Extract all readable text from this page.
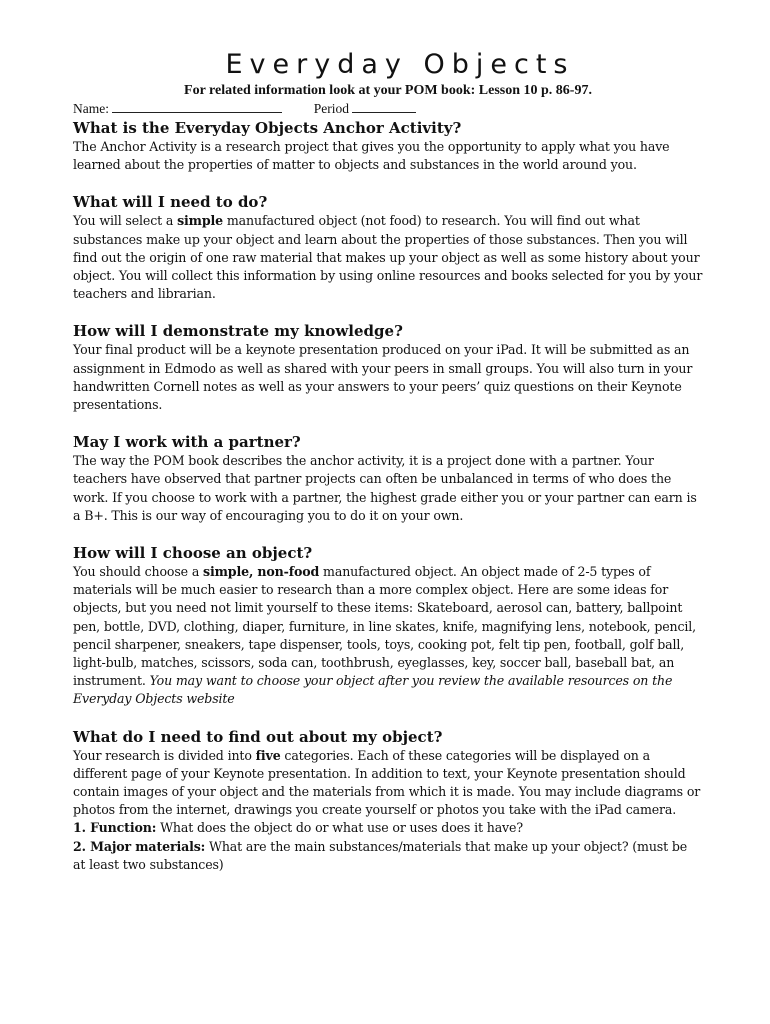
Everyday Objects
For related information look at your POM book: Lesson 10 p. 86-97.
Name:	Period
What is the Everyday Objects Anchor Activity?

The Anchor Activity is a research project that gives you the opportunity to apply what you have learned about the properties of matter to objects and substances in the world around you.

What will I need to do?

You will select a simple manufactured object (not food) to research. You will find out what substances make up your object and learn about the properties of those substances. Then you will find out the origin of one raw material that makes up your object as well as some history about your object. You will collect this information by using online resources and books selected for you by your teachers and librarian.

How will I demonstrate my knowledge?

Your final product will be a keynote presentation produced on your iPad. It will be submitted as an assignment in Edmodo as well as shared with your peers in small groups. You will also turn in your handwritten Cornell notes as well as your answers to your peers’ quiz questions on their Keynote presentations.

May I work with a partner?

The way the POM book describes the anchor activity, it is a project done with a partner. Your teachers have observed that partner projects can often be unbalanced in terms of who does the work. If you choose to work with a partner, the highest grade either you or your partner can earn is a B+. This is our way of encouraging you to do it on your own.

How will I choose an object?

You should choose a simple, non-food manufactured object. An object made of 2-5 types of materials will be much easier to research than a more complex object. Here are some ideas for objects, but you need not limit yourself to these items: Skateboard, aerosol can, battery, ballpoint pen, bottle, DVD, clothing, diaper, furniture, in line skates, knife, magnifying lens, notebook, pencil, pencil sharpener, sneakers, tape dispenser, tools, toys, cooking pot, felt tip pen, football, golf ball, light-bulb, matches, scissors, soda can, toothbrush, eyeglasses, key, soccer ball, baseball bat, an instrument. You may want to choose your object after you review the available resources on the Everyday Objects website

What do I need to find out about my object?

Your research is divided into five categories. Each of these categories will be displayed on a different page of your Keynote presentation. In addition to text, your Keynote presentation should contain images of your object and the materials from which it is made. You may include diagrams or photos from the internet, drawings you create yourself or photos you take with the iPad camera.

1. Function: What does the object do or what use or uses does it have?

2. Major materials: What are the main substances/materials that make up your object? (must be at least two substances)
